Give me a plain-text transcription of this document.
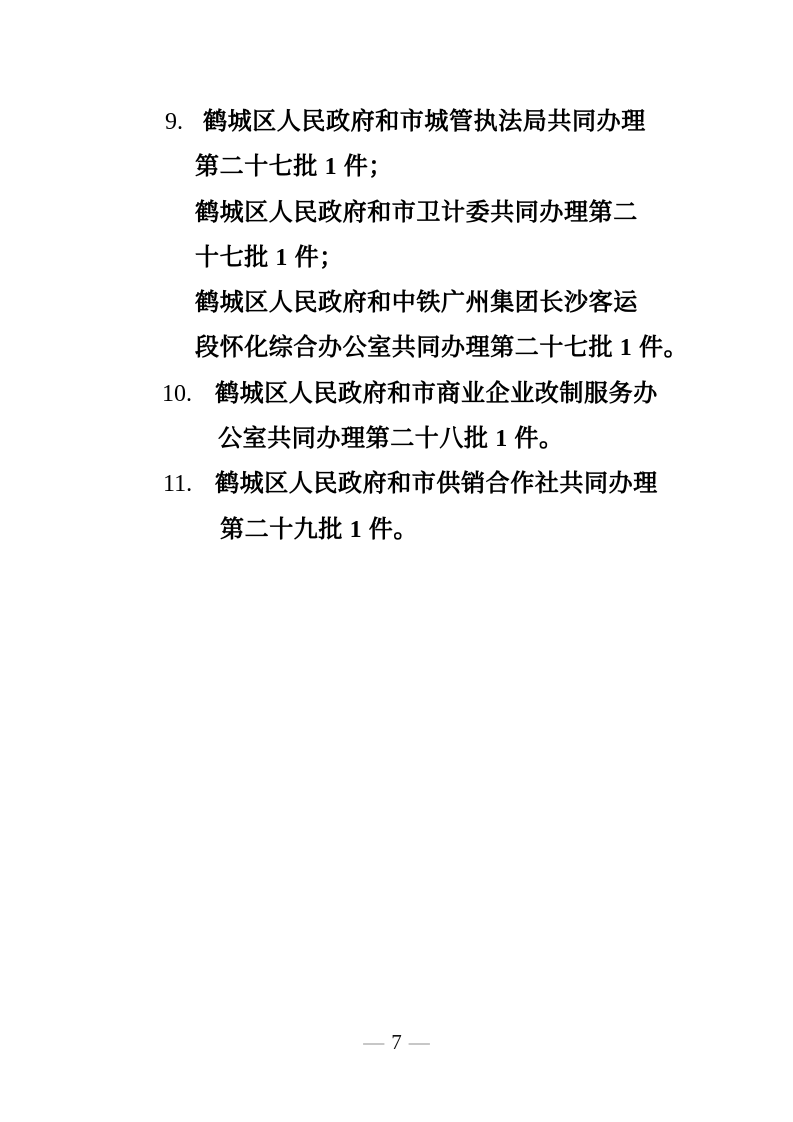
9. 鹤城区人民政府和市城管执法局共同办理
第二十七批 1 件；
鹤城区人民政府和市卫计委共同办理第二
十七批 1 件；
鹤城区人民政府和中铁广州集团长沙客运
段怀化综合办公室共同办理第二十七批 1 件。
10. 鹤城区人民政府和市商业企业改制服务办
公室共同办理第二十八批 1 件。
11. 鹤城区人民政府和市供销合作社共同办理
第二十九批 1 件。
— 7 —
